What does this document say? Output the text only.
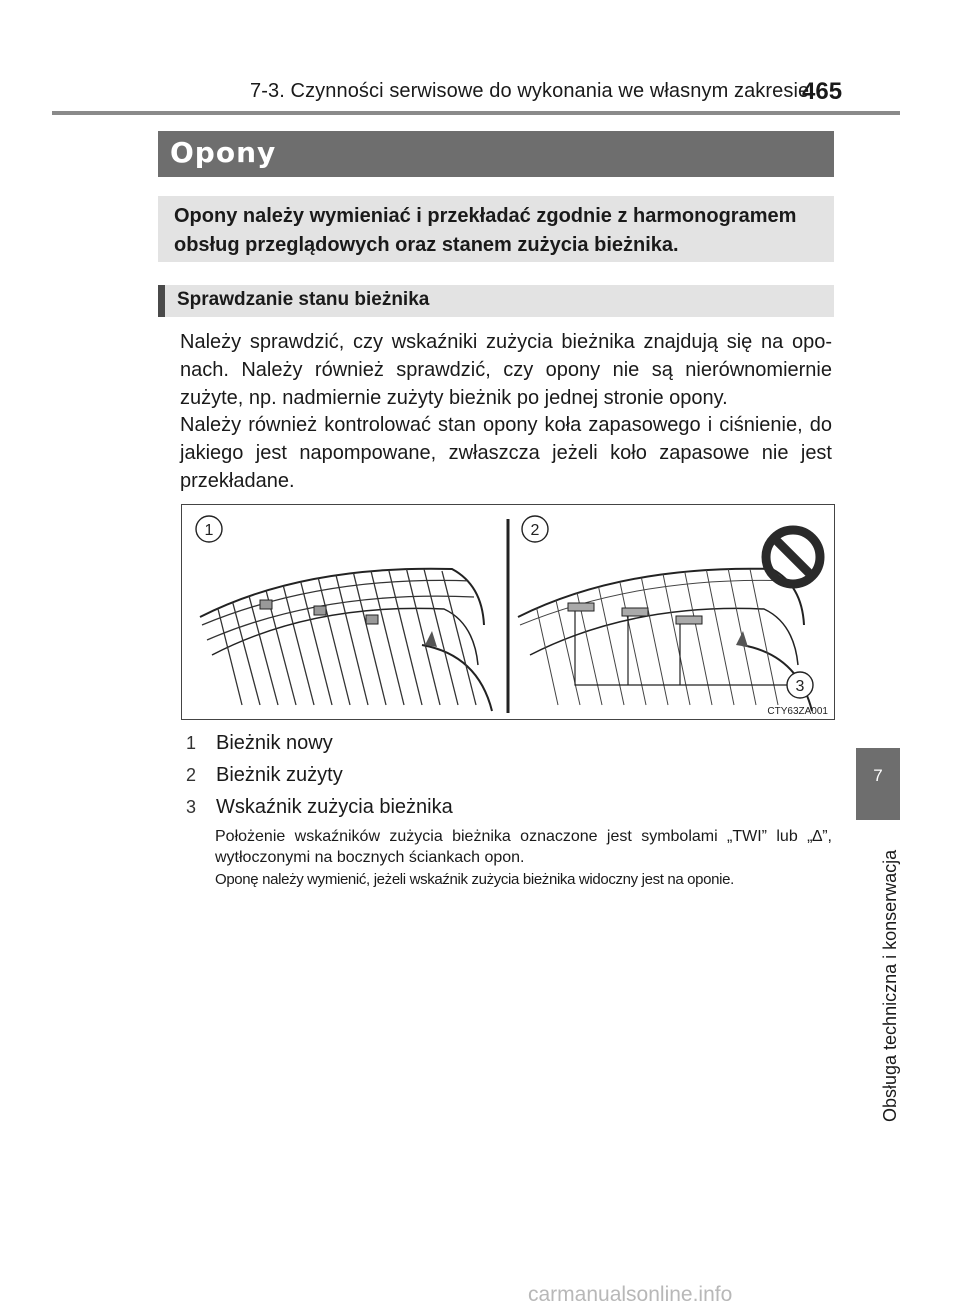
7-3. Czynności serwisowe do wykonania we własnym zakresie
465
Opony
Opony należy wymieniać i przekładać zgodnie z harmonogramem obsług przeglądowych oraz stanem zużycia bieżnika.
Sprawdzanie stanu bieżnika
Należy sprawdzić, czy wskaźniki zużycia bieżnika znajdują się na opo-nach. Należy również sprawdzić, czy opony nie są nierównomiernie zużyte, np. nadmiernie zużyty bieżnik po jednej stronie opony.
Należy również kontrolować stan opony koła zapasowego i ciśnienie, do jakiego jest napompowane, zwłaszcza jeżeli koło zapasowe nie jest przekładane.
1	2
3
CTY63ZA001
1 Bieżnik nowy
2 Bieżnik zużyty
3 Wskaźnik zużycia bieżnika
Położenie wskaźników zużycia bieżnika oznaczone jest symbolami „TWI” lub „∆”, wytłoczonymi na bocznych ściankach opon.
Oponę należy wymienić, jeżeli wskaźnik zużycia bieżnika widoczny jest na oponie.
7
Obsługa techniczna i konserwacja
carmanualsonline.info
